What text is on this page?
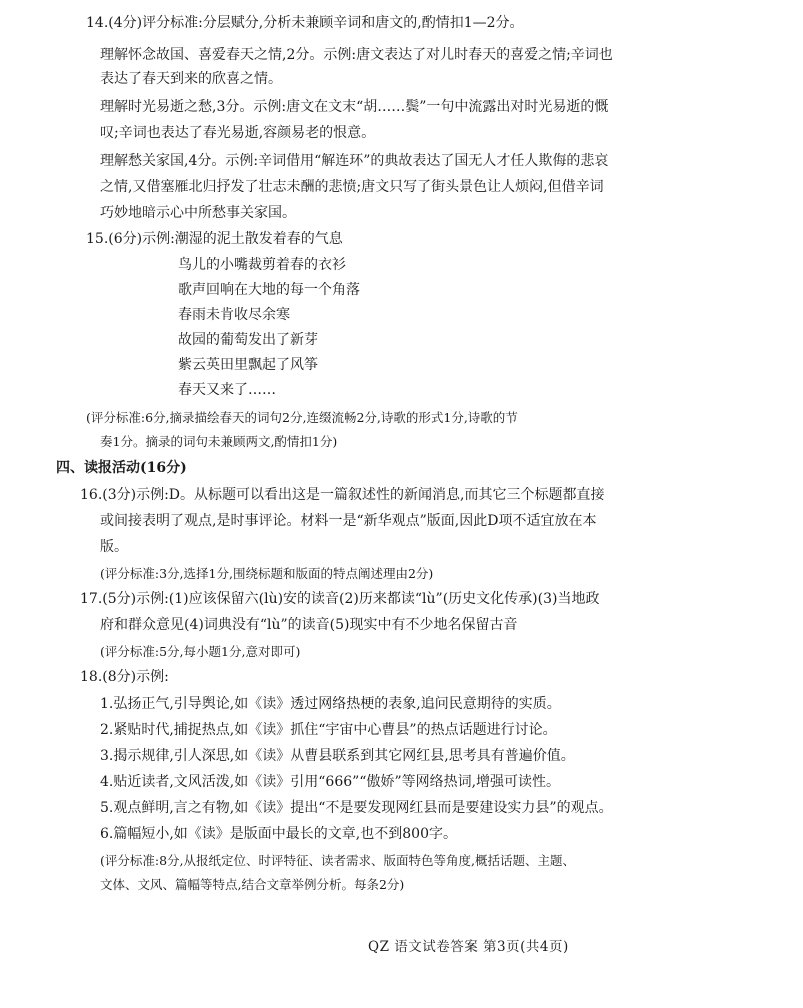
14.(4分)评分标准:分层赋分,分析未兼顾辛词和唐文的,酌情扣1—2分。
理解怀念故国、喜爱春天之情,2分。示例:唐文表达了对儿时春天的喜爱之情;辛词也
表达了春天到来的欣喜之情。
理解时光易逝之愁,3分。示例:唐文在文末“胡……鬓”一句中流露出对时光易逝的慨
叹;辛词也表达了春光易逝,容颜易老的恨意。
理解愁关家国,4分。示例:辛词借用“解连环”的典故表达了国无人才任人欺侮的悲哀
之情,又借塞雁北归抒发了壮志未酬的悲愤;唐文只写了街头景色让人烦闷,但借辛词
巧妙地暗示心中所愁事关家国。
15.(6分)示例:潮湿的泥土散发着春的气息
鸟儿的小嘴裁剪着春的衣衫
歌声回响在大地的每一个角落
春雨未肯收尽余寒
故园的葡萄发出了新芽
紫云英田里飘起了风筝
春天又来了……
(评分标准:6分,摘录描绘春天的词句2分,连缀流畅2分,诗歌的形式1分,诗歌的节
奏1分。摘录的词句未兼顾两文,酌情扣1分)
四、读报活动(16分)
16.(3分)示例:D。从标题可以看出这是一篇叙述性的新闻消息,而其它三个标题都直接
或间接表明了观点,是时事评论。材料一是“新华观点”版面,因此D项不适宜放在本
版。
(评分标准:3分,选择1分,围绕标题和版面的特点阐述理由2分)
17.(5分)示例:(1)应该保留六(lù)安的读音(2)历来都读“lù”(历史文化传承)(3)当地政
府和群众意见(4)词典没有“lù”的读音(5)现实中有不少地名保留古音
(评分标准:5分,每小题1分,意对即可)
18.(8分)示例:
1.弘扬正气,引导舆论,如《读》透过网络热梗的表象,追问民意期待的实质。
2.紧贴时代,捕捉热点,如《读》抓住“宇宙中心曹县”的热点话题进行讨论。
3.揭示规律,引人深思,如《读》从曹县联系到其它网红县,思考具有普遍价值。
4.贴近读者,文风活泼,如《读》引用“666”“傲娇”等网络热词,增强可读性。
5.观点鲜明,言之有物,如《读》提出“不是要发现网红县而是要建设实力县”的观点。
6.篇幅短小,如《读》是版面中最长的文章,也不到800字。
(评分标准:8分,从报纸定位、时评特征、读者需求、版面特色等角度,概括话题、主题、
文体、文风、篇幅等特点,结合文章举例分析。每条2分)
QZ 语文试卷答案 第3页(共4页)
